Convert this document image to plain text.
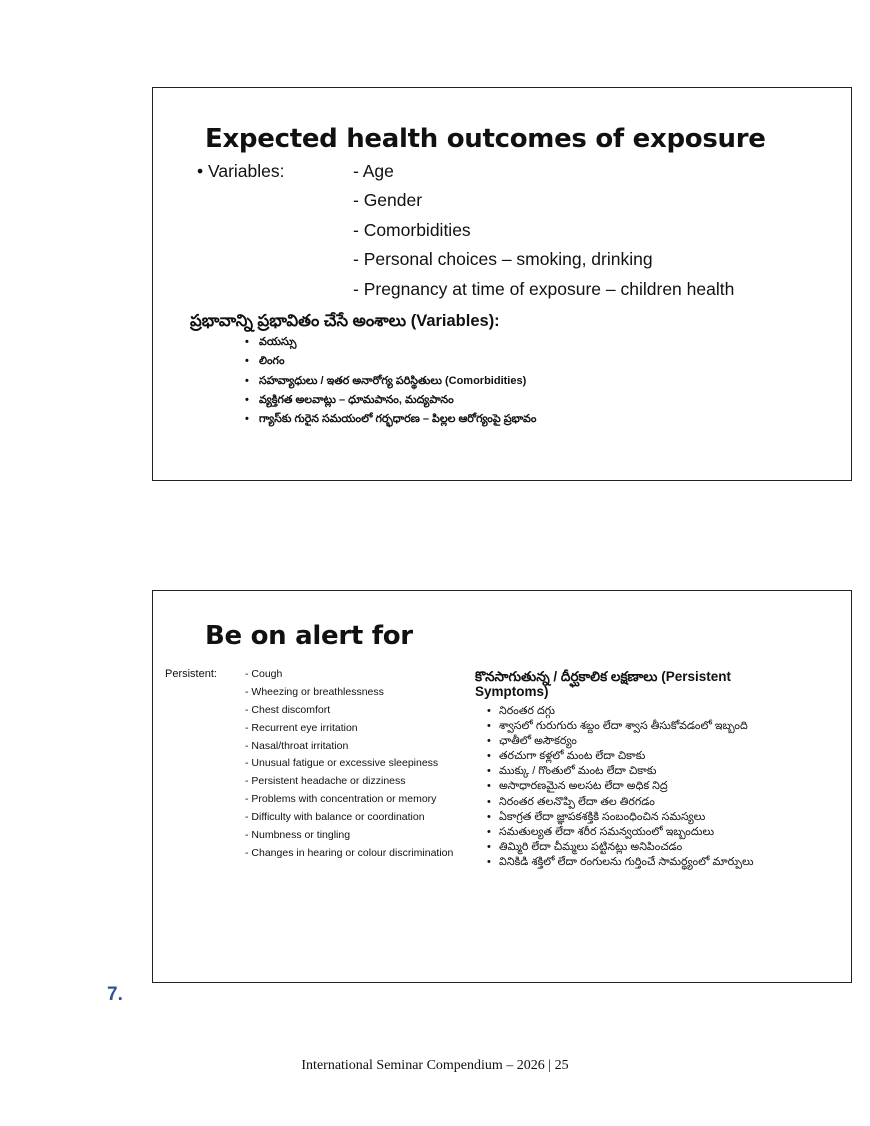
Expected health outcomes of exposure
• Variables:	- Age
- Gender
- Comorbidities
- Personal choices – smoking, drinking
- Pregnancy at time of exposure – children health
ప్రభావాన్ని ప్రభావితం చేసే అంశాలు (Variables):
• వయస్సు
• లింగం
• సహవ్యాధులు / ఇతర అనారోగ్య పరిస్థితులు (Comorbidities)
• వ్యక్తిగత అలవాట్లు – ధూమపానం, మద్యపానం
• గ్యాస్‌కు గురైన సమయంలో గర్భధారణ – పిల్లల ఆరోగ్యంపై ప్రభావం
Be on alert for
Persistent:	- Cough
- Wheezing or breathlessness
- Chest discomfort
- Recurrent eye irritation
- Nasal/throat irritation
- Unusual fatigue or excessive sleepiness
- Persistent headache or dizziness
- Problems with concentration or memory
- Difficulty with balance or coordination
- Numbness or tingling
- Changes in hearing or colour discrimination
కొనసాగుతున్న / దీర్ఘకాలిక లక్షణాలు (Persistent Symptoms)
• నిరంతర దగ్గు
• శ్వాసలో గురుగురు శబ్దం లేదా శ్వాస తీసుకోవడంలో ఇబ్బంది
• ఛాతీలో అసౌకర్యం
• తరచుగా కళ్లలో మంట లేదా చికాకు
• ముక్కు / గొంతులో మంట లేదా చికాకు
• అసాధారణమైన అలసట లేదా అధిక నిద్ర
• నిరంతర తలనొప్పి లేదా తల తిరగడం
• ఏకాగ్రత లేదా జ్ఞాపకశక్తికి సంబంధించిన సమస్యలు
• సమతుల్యత లేదా శరీర సమన్వయంలో ఇబ్బందులు
• తిమ్మిరి లేదా చీమ్మలు పట్టినట్లు అనిపించడం
• వినికిడి శక్తిలో లేదా రంగులను గుర్తించే సామర్థ్యంలో మార్పులు
7.
International Seminar Compendium – 2026 | 25
